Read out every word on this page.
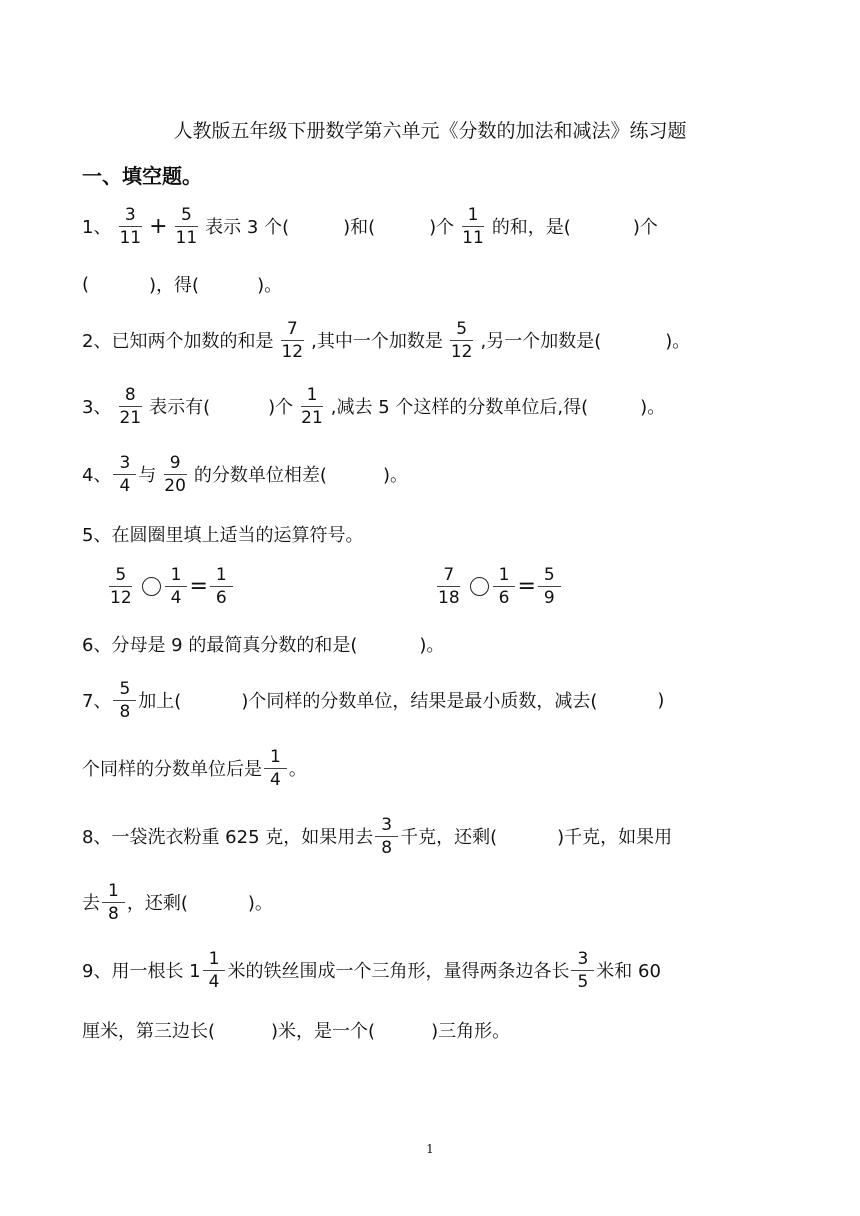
人教版五年级下册数学第六单元《分数的加法和减法》练习题
一、填空题。
1、 $\frac{3}{11} + \frac{5}{11}$ 表示 3 个(	)和(	)个 $\frac{1}{11}$ 的和，是(	)个
(	)，得(	)。
2、已知两个加数的和是 $\frac{7}{12}$ ,其中一个加数是 $\frac{5}{12}$ ,另一个加数是(	)。
3、 $\frac{8}{21}$ 表示有(	)个 $\frac{1}{21}$ ,减去 5 个这样的分数单位后,得(	)。
4、 $\frac{3}{4}$ 与 $\frac{9}{20}$ 的分数单位相差(	)。
5、在圆圈里填上适当的运算符号。
$\frac{5}{12} \frac{1}{4} = \frac{1}{6}$	$\frac{7}{18} \frac{1}{6} = \frac{5}{9}$
6、分母是 9 的最简真分数的和是(	)。
7、 $\frac{5}{8}$ 加上(	)个同样的分数单位，结果是最小质数，减去(	)
个同样的分数单位后是 $\frac{1}{4}$ 。
8、一袋洗衣粉重 625 克，如果用去 $\frac{3}{8}$ 千克，还剩(	)千克，如果用
去 $\frac{1}{8}$ ，还剩(	)。
9、用一根长 $1 \frac{1}{4}$ 米的铁丝围成一个三角形，量得两条边各长 $\frac{3}{5}$ 米和 60
厘米，第三边长(	)米，是一个(	)三角形。
1
